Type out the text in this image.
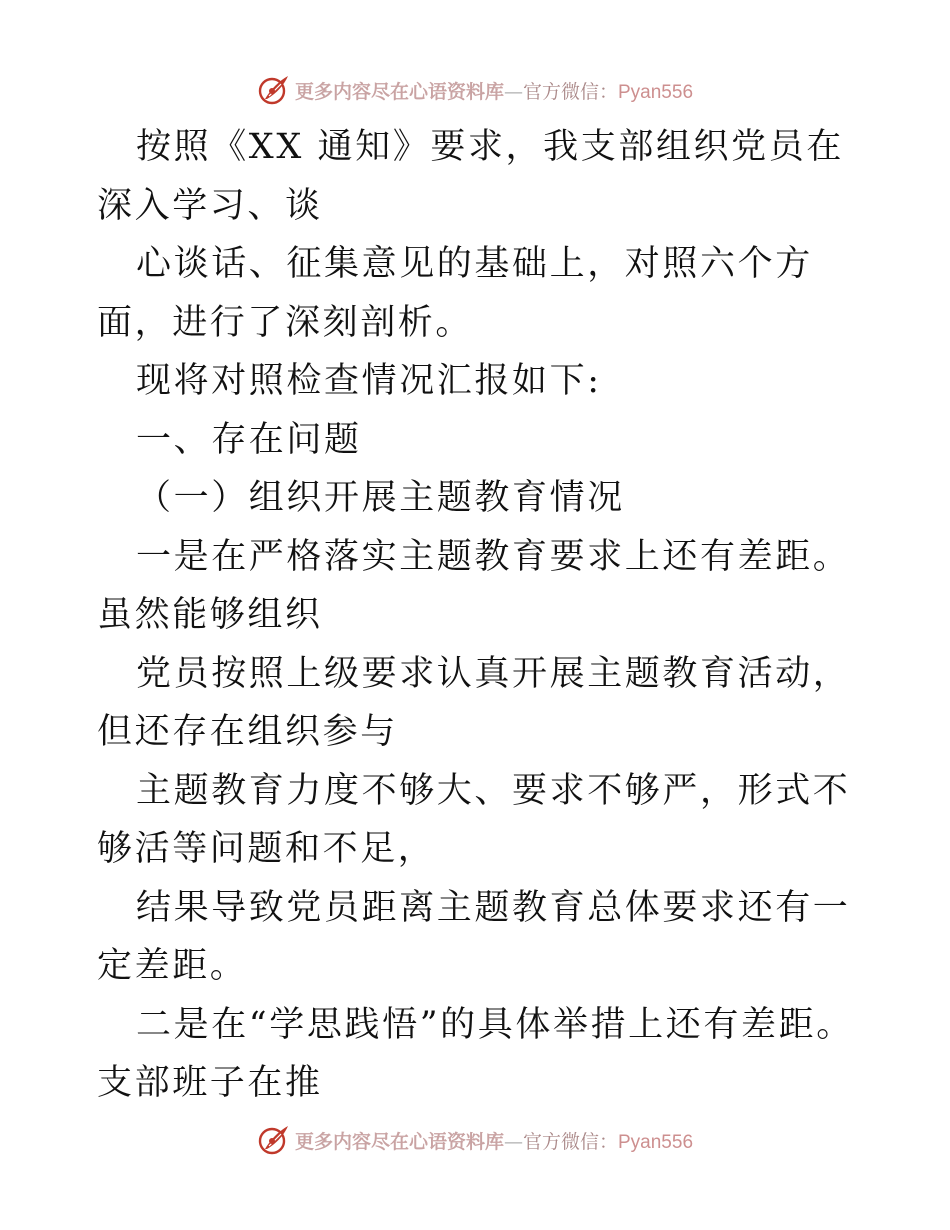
更多内容尽在心语资料库—官方微信：Pyan556

按照《XX 通知》要求，我支部组织党员在深入学习、谈

心谈话、征集意见的基础上，对照六个方面，进行了深刻剖析。

现将对照检查情况汇报如下:

一、存在问题

（一）组织开展主题教育情况

一是在严格落实主题教育要求上还有差距。虽然能够组织

党员按照上级要求认真开展主题教育活动，但还存在组织参与

主题教育力度不够大、要求不够严，形式不够活等问题和不足，

结果导致党员距离主题教育总体要求还有一定差距。

二是在“学思践悟”的具体举措上还有差距。支部班子在推

更多内容尽在心语资料库—官方微信：Pyan556
